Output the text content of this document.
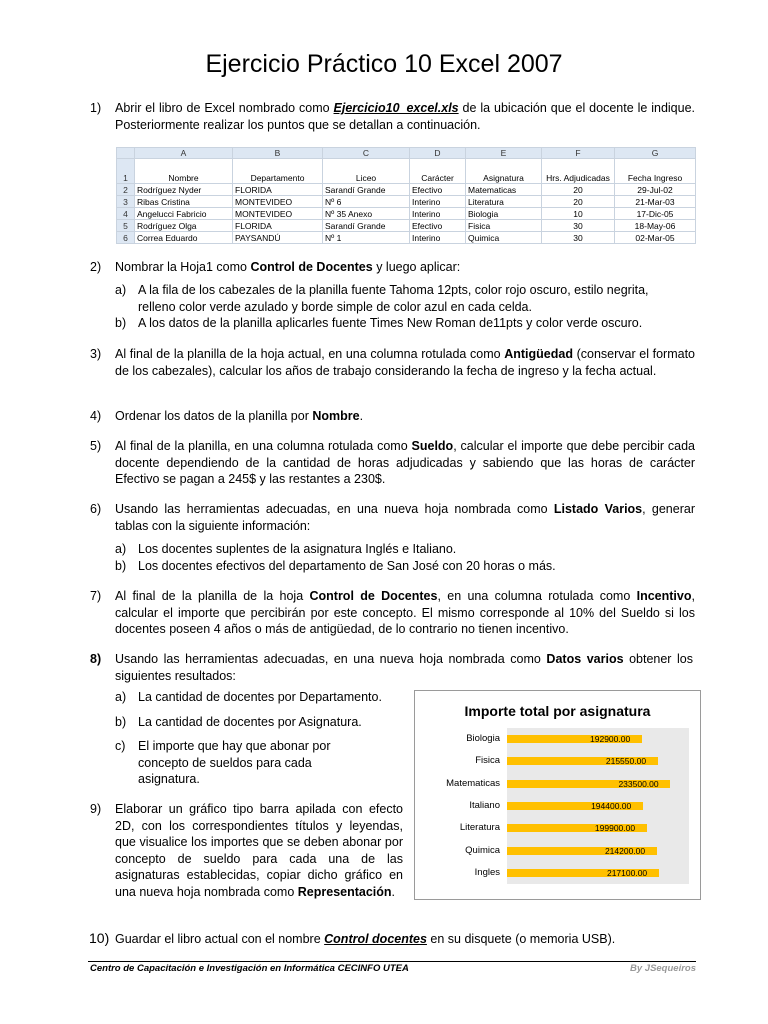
Ejercicio Práctico 10 Excel 2007
1) Abrir el libro de Excel nombrado como Ejercicio10_excel.xls de la ubicación que el docente le indique. Posteriormente realizar los puntos que se detallan a continuación.

	A	B	C	D	E	F	G
1	Nombre	Departamento	Liceo	Carácter	Asignatura	Hrs. Adjudicadas	Fecha Ingreso
2	Rodríguez Nyder	FLORIDA	Sarandí Grande	Efectivo	Matematicas	20	29-Jul-02
3	Ribas Cristina	MONTEVIDEO	Nº 6	Interino	Literatura	20	21-Mar-03
4	Angelucci Fabricio	MONTEVIDEO	Nº 35 Anexo	Interino	Biologia	10	17-Dic-05
5	Rodríguez Olga	FLORIDA	Sarandí Grande	Efectivo	Fisica	30	18-May-06
6	Correa Eduardo	PAYSANDÚ	Nº 1	Interino	Quimica	30	02-Mar-05
2) Nombrar la Hoja1 como Control de Docentes y luego aplicar:

a) A la fila de los cabezales de la planilla fuente Tahoma 12pts, color rojo oscuro, estilo negrita, relleno color verde azulado y borde simple de color azul en cada celda.

b) A los datos de la planilla aplicarles fuente Times New Roman de11pts y color verde oscuro.

3) Al final de la planilla de la hoja actual, en una columna rotulada como Antigüedad (conservar el formato de los cabezales), calcular los años de trabajo considerando la fecha de ingreso y la fecha actual.

4) Ordenar los datos de la planilla por Nombre.

5) Al final de la planilla, en una columna rotulada como Sueldo, calcular el importe que debe percibir cada docente dependiendo de la cantidad de horas adjudicadas y sabiendo que las horas de carácter Efectivo se pagan a 245$ y las restantes a 230$.

6) Usando las herramientas adecuadas, en una nueva hoja nombrada como Listado Varios, generar tablas con la siguiente información:

a) Los docentes suplentes de la asignatura Inglés e Italiano.

b) Los docentes efectivos del departamento de San José con 20 horas o más.

7) Al final de la planilla de la hoja Control de Docentes, en una columna rotulada como Incentivo, calcular el importe que percibirán por este concepto. El mismo corresponde al 10% del Sueldo si los docentes poseen 4 años o más de antigüedad, de lo contrario no tienen incentivo.

8) Usando las herramientas adecuadas, en una nueva hoja nombrada como Datos varios obtener los siguientes resultados:

a) La cantidad de docentes por Departamento.

b) La cantidad de docentes por Asignatura.

c) El importe que hay que abonar por concepto de sueldos para cada asignatura.

9) Elaborar un gráfico tipo barra apilada con efecto 2D, con los correspondientes títulos y leyendas, que visualice los importes que se deben abonar por concepto de sueldo para cada una de las asignaturas establecidas, copiar dicho gráfico en una nueva hoja nombrada como Representación.

Importe total por asignatura
Biologia	192900.00
Fisica	215550.00
Matematicas	233500.00
Italiano	194400.00
Literatura	199900.00
Quimica	214200.00
Ingles	217100.00
10) Guardar el libro actual con el nombre Control docentes en su disquete (o memoria USB).

Centro de Capacitación e Investigación en Informática CECINFO UTEA	By JSequeiros
